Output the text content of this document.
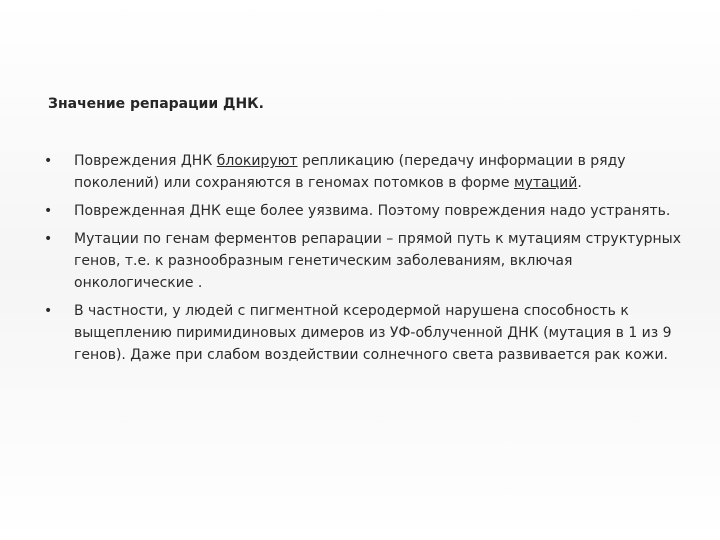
Значение репарации ДНК.
• Повреждения ДНК блокируют репликацию (передачу информации в ряду поколений) или сохраняются в геномах потомков в форме мутаций.
• Поврежденная ДНК еще более уязвима. Поэтому повреждения надо устранять.
• Мутации по генам ферментов репарации – прямой путь к мутациям структурных генов, т.е. к разнообразным генетическим заболеваниям, включая онкологические .
• В частности, у людей с пигментной ксеродермой нарушена способность к выщеплению пиримидиновых димеров из УФ-облученной ДНК (мутация в 1 из 9 генов). Даже при слабом воздействии солнечного света развивается рак кожи.
